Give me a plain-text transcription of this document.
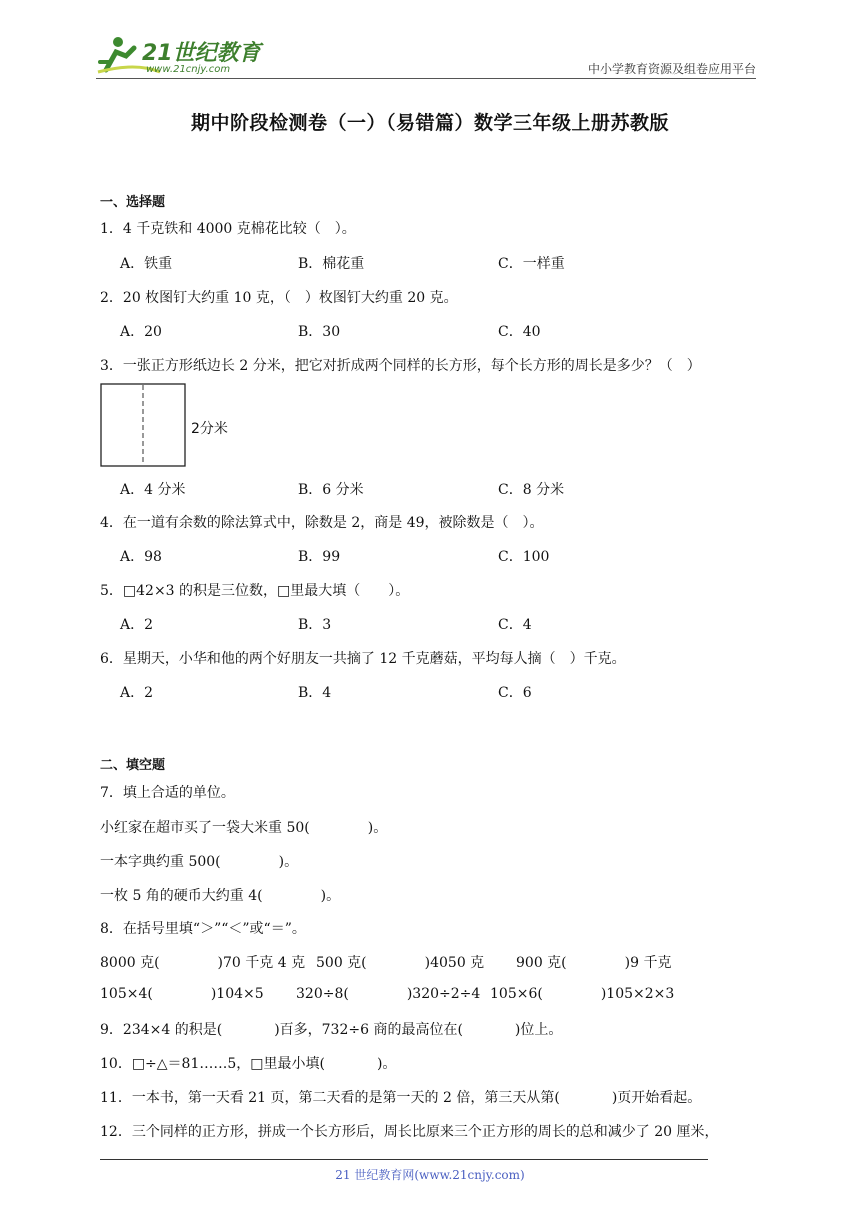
21世纪教育
www.21cnjy.com	中小学教育资源及组卷应用平台
期中阶段检测卷（一）（易错篇）数学三年级上册苏教版
一、选择题
1．4 千克铁和 4000 克棉花比较（　）。
A．铁重	B．棉花重	C．一样重
2．20 枚图钉大约重 10 克，（　）枚图钉大约重 20 克。
A．20	B．30	C．40
3．一张正方形纸边长 2 分米，把它对折成两个同样的长方形，每个长方形的周长是多少？（　）
2分米
A．4 分米	B．6 分米	C．8 分米
4．在一道有余数的除法算式中，除数是 2，商是 49，被除数是（　）。
A．98	B．99	C．100
5．□42×3 的积是三位数，□里最大填（　　）。
A．2	B．3	C．4
6．星期天，小华和他的两个好朋友一共摘了 12 千克蘑菇，平均每人摘（　）千克。
A．2	B．4	C．6
二、填空题
7．填上合适的单位。
小红家在超市买了一袋大米重 50(	)。
一本字典约重 500(	)。
一枚 5 角的硬币大约重 4(	)。
8．在括号里填“＞”“＜”或“＝”。
8000 克(	)70 千克 4 克 500 克(	)4050 克 900 克(	)9 千克
105×4(	)104×5 320÷8(	)320÷2÷4 105×6(	)105×2×3
9．234×4 的积是(	)百多，732÷6 商的最高位在(	)位上。
10．□÷△＝81……5，□里最小填(	)。
11．一本书，第一天看 21 页，第二天看的是第一天的 2 倍，第三天从第(	)页开始看起。
12．三个同样的正方形，拼成一个长方形后，周长比原来三个正方形的周长的总和减少了 20 厘米，
21 世纪教育网(www.21cnjy.com)
